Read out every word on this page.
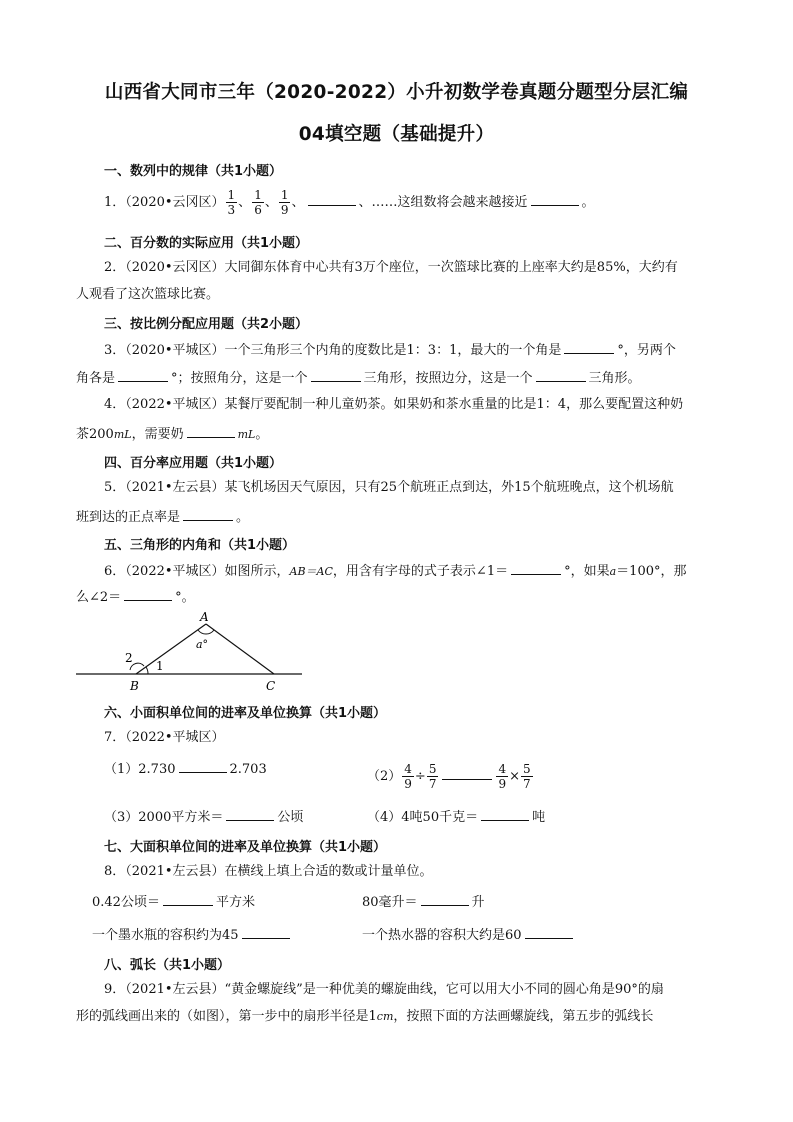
山西省大同市三年（2020-2022）小升初数学卷真题分题型分层汇编
04填空题（基础提升）
一、数列中的规律（共1小题）
1．（2020•云冈区） $\frac{1}{3}$ 、 $\frac{1}{6}$ 、 $\frac{1}{9}$ 、	、……这组数将会越来越接近	。
二、百分数的实际应用（共1小题）
2．（2020•云冈区）大同御东体育中心共有3万个座位，一次篮球比赛的上座率大约是85%，大约有
人观看了这次篮球比赛。
三、按比例分配应用题（共2小题）
3．（2020•平城区）一个三角形三个内角的度数比是1：3：1，最大的一个角是	°，另两个
角各是	°；按照角分，这是一个	三角形，按照边分，这是一个	三角形。
4．（2022•平城区）某餐厅要配制一种儿童奶茶。如果奶和茶水重量的比是1：4，那么要配置这种奶
茶200mL，需要奶	mL。
四、百分率应用题（共1小题）
5．（2021•左云县）某飞机场因天气原因，只有25个航班正点到达，外15个航班晚点，这个机场航
班到达的正点率是	。
五、三角形的内角和（共1小题）
6．（2022•平城区）如图所示，AB＝AC，用含有字母的式子表示∠1＝	°，如果a＝100°，那
么∠2＝	°。
A
B	C
1
2
a°
六、小面积单位间的进率及单位换算（共1小题）
7．（2022•平城区）
（1）2.730	2.703	$(2) \frac{4}{9} \div \frac{5}{7}$	$\frac{4}{9} \times \frac{5}{7}$
（3）2000平方米＝	公顷	（4）4吨50千克＝	吨
七、大面积单位间的进率及单位换算（共1小题）
8．（2021•左云县）在横线上填上合适的数或计量单位。
0.42公顷＝	平方米	80毫升＝	升
一个墨水瓶的容积约为45	一个热水器的容积大约是60
八、弧长（共1小题）
9．（2021•左云县）“黄金螺旋线”是一种优美的螺旋曲线，它可以用大小不同的圆心角是90°的扇
形的弧线画出来的（如图），第一步中的扇形半径是1cm，按照下面的方法画螺旋线，第五步的弧线长
